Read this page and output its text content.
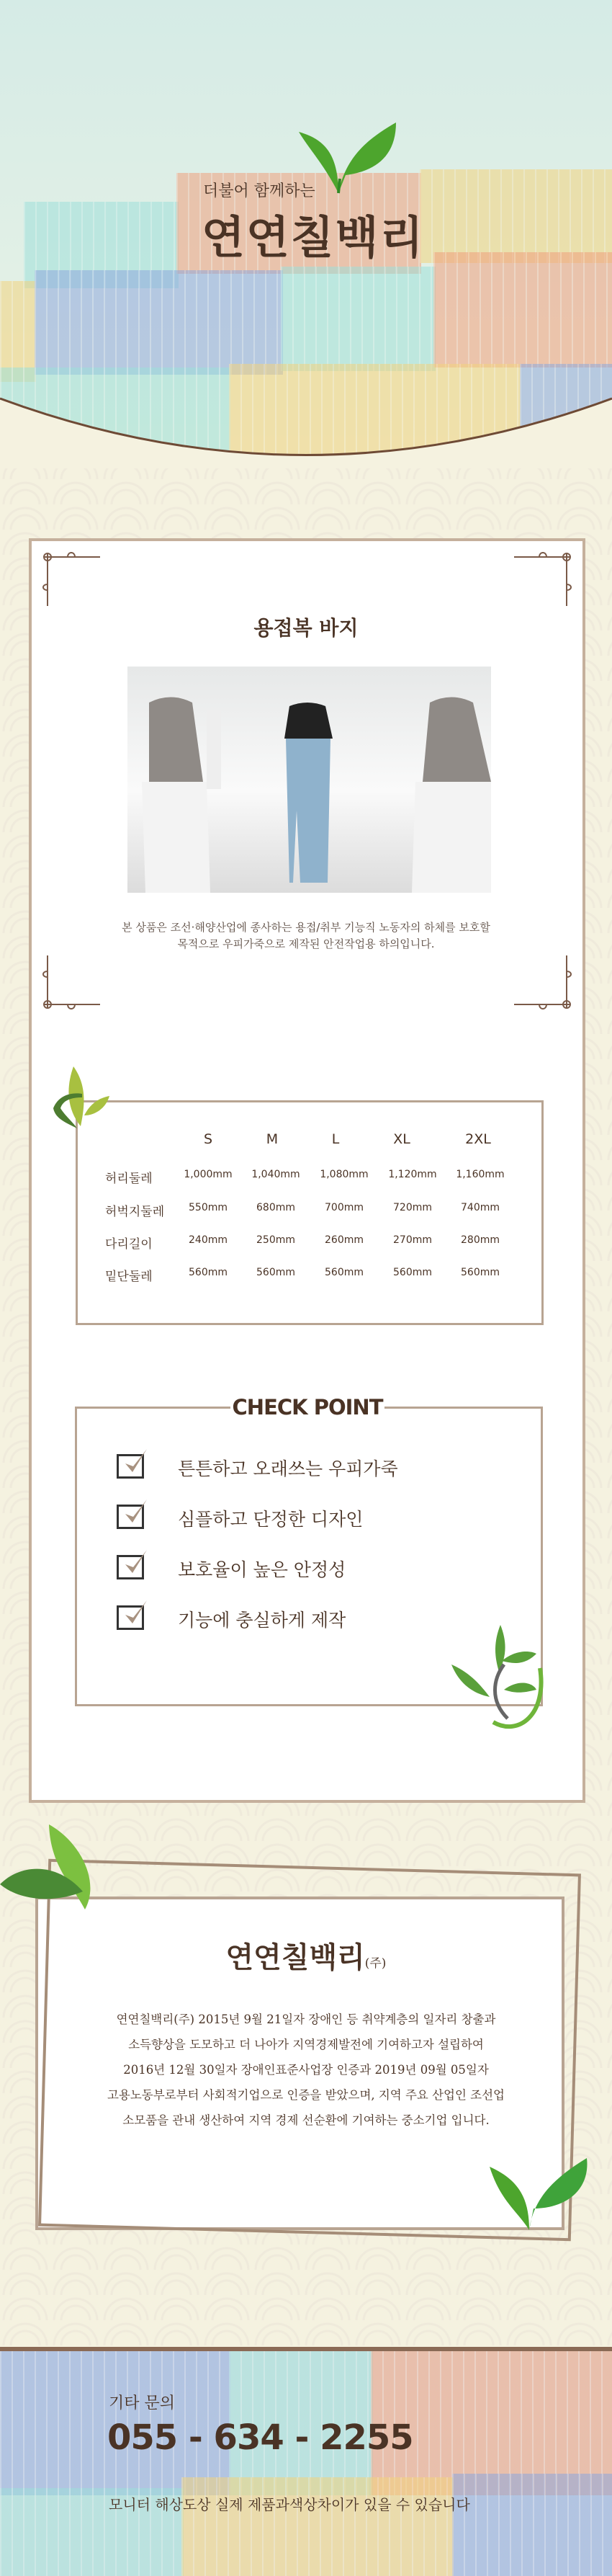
더불어 함께하는
연연칠백리
용접복 바지
본 상품은 조선·해양산업에 종사하는 용접/취부 기능직 노동자의 하체를 보호할
목적으로 우피가죽으로 제작된 안전작업용 하의입니다.
S	M	L	XL	2XL
허리둘레	1,000mm 1,040mm 1,080mm 1,120mm 1,160mm
허벅지둘레 550mm	680mm	700mm	720mm	740mm
다리길이	240mm	250mm	260mm	270mm	280mm
밑단둘레	560mm	560mm	560mm	560mm	560mm
CHECK POINT
튼튼하고 오래쓰는 우피가죽
심플하고 단정한 디자인
보호율이 높은 안정성
기능에 충실하게 제작
연연칠백리(주)
연연칠백리(주) 2015년 9월 21일자 장애인 등 취약계층의 일자리 창출과
소득향상을 도모하고 더 나아가 지역경제발전에 기여하고자 설립하여
2016년 12월 30일자 장애인표준사업장 인증과 2019년 09월 05일자
고용노동부로부터 사회적기업으로 인증을 받았으며, 지역 주요 산업인 조선업
소모품을 관내 생산하여 지역 경제 선순환에 기여하는 중소기업 입니다.
기타 문의
055 - 634 - 2255
모니터 해상도상 실제 제품과색상차이가 있을 수 있습니다
